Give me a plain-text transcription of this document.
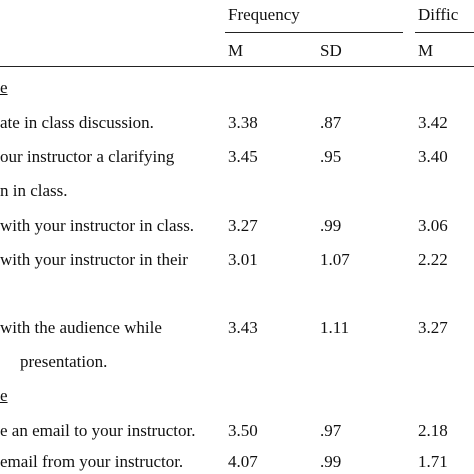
Frequency	Diffic
M	SD	M
e
ate in class discussion.	3.38	.87	3.42
our instructor a clarifying	3.45	.95	3.40
n in class.
with your instructor in class. 3.27	.99	3.06
with your instructor in their 3.01	1.07	2.22
with the audience while	3.43	1.11	3.27
presentation.
e
e an email to your instructor. 3.50	.97	2.18
email from your instructor.	4.07	.99	1.71
